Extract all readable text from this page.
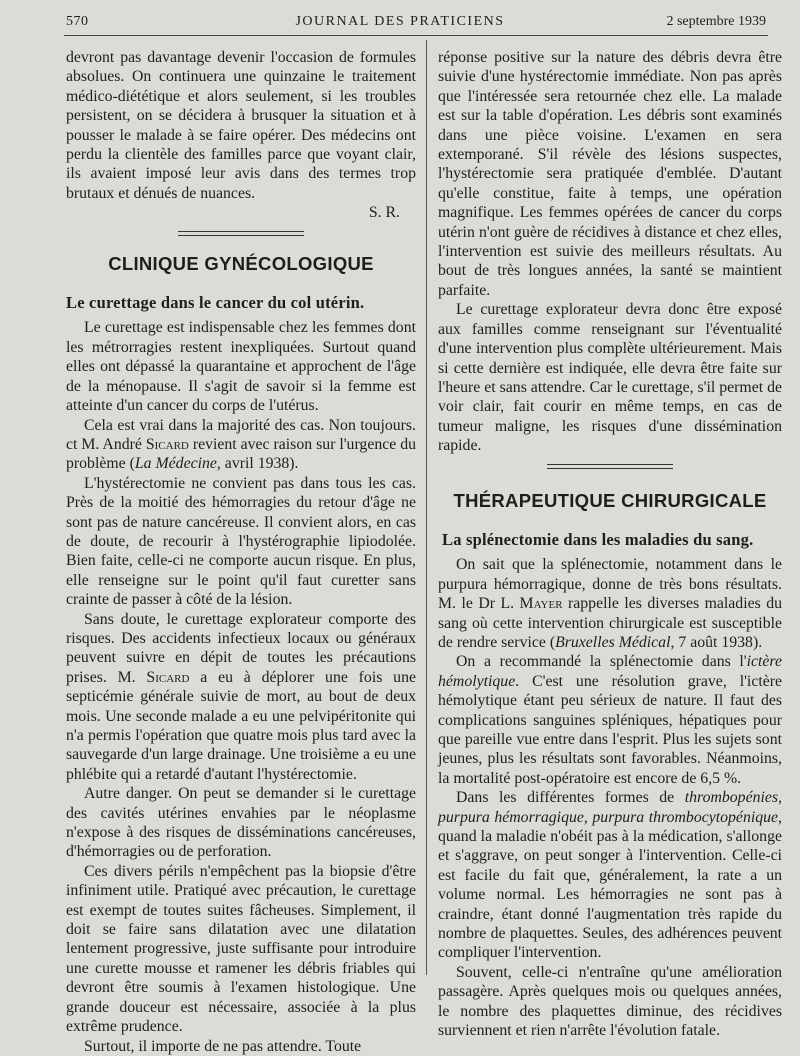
570	JOURNAL DES PRATICIENS	2 septembre 1939

devront pas davantage devenir l'occasion de formules absolues. On continuera une quinzaine le traitement médico-diététique et alors seulement, si les troubles persistent, on se décidera à brusquer la situation et à pousser le malade à se faire opérer. Des médecins ont perdu la clientèle des familles parce que voyant clair, ils avaient imposé leur avis dans des termes trop brutaux et dénués de nuances.

S. R.

CLINIQUE GYNÉCOLOGIQUE
Le curettage dans le cancer du col utérin.

Le curettage est indispensable chez les femmes dont les métrorragies restent inexpliquées. Surtout quand elles ont dépassé la quarantaine et approchent de l'âge de la ménopause. Il s'agit de savoir si la femme est atteinte d'un cancer du corps de l'utérus.

Cela est vrai dans la majorité des cas. Non toujours. ct M. André Sicard revient avec raison sur l'urgence du problème (La Médecine, avril 1938).

L'hystérectomie ne convient pas dans tous les cas. Près de la moitié des hémorragies du retour d'âge ne sont pas de nature cancéreuse. Il convient alors, en cas de doute, de recourir à l'hystérographie lipiodolée. Bien faite, celle-ci ne comporte aucun risque. En plus, elle renseigne sur le point qu'il faut curetter sans crainte de passer à côté de la lésion.

Sans doute, le curettage explorateur comporte des risques. Des accidents infectieux locaux ou généraux peuvent suivre en dépit de toutes les précautions prises. M. Sicard a eu à déplorer une fois une septicémie générale suivie de mort, au bout de deux mois. Une seconde malade a eu une pelvipéritonite qui n'a permis l'opération que quatre mois plus tard avec la sauvegarde d'un large drainage. Une troisième a eu une phlébite qui a retardé d'autant l'hystérectomie.

Autre danger. On peut se demander si le curettage des cavités utérines envahies par le néoplasme n'expose à des risques de disséminations cancéreuses, d'hémorragies ou de perforation.

Ces divers périls n'empêchent pas la biopsie d'être infiniment utile. Pratiqué avec précaution, le curettage est exempt de toutes suites fâcheuses. Simplement, il doit se faire sans dilatation avec une dilatation lentement progressive, juste suffisante pour introduire une curette mousse et ramener les débris friables qui devront être soumis à l'examen histologique. Une grande douceur est nécessaire, associée à la plus extrême prudence.

Surtout, il importe de ne pas attendre. Toute

réponse positive sur la nature des débris devra être suivie d'une hystérectomie immédiate. Non pas après que l'intéressée sera retournée chez elle. La malade est sur la table d'opération. Les débris sont examinés dans une pièce voisine. L'examen en sera extemporané. S'il révèle des lésions suspectes, l'hystérectomie sera pratiquée d'emblée. D'autant qu'elle constitue, faite à temps, une opération magnifique. Les femmes opérées de cancer du corps utérin n'ont guère de récidives à distance et chez elles, l'intervention est suivie des meilleurs résultats. Au bout de très longues années, la santé se maintient parfaite.

Le curettage explorateur devra donc être exposé aux familles comme renseignant sur l'éventualité d'une intervention plus complète ultérieurement. Mais si cette dernière est indiquée, elle devra être faite sur l'heure et sans attendre. Car le curettage, s'il permet de voir clair, fait courir en même temps, en cas de tumeur maligne, les risques d'une dissémination rapide.

THÉRAPEUTIQUE CHIRURGICALE
La splénectomie dans les maladies du sang.

On sait que la splénectomie, notamment dans le purpura hémorragique, donne de très bons résultats. M. le Dr L. Mayer rappelle les diverses maladies du sang où cette intervention chirurgicale est susceptible de rendre service (Bruxelles Médical, 7 août 1938).

On a recommandé la splénectomie dans l'ictère hémolytique. C'est une résolution grave, l'ictère hémolytique étant peu sérieux de nature. Il faut des complications sanguines spléniques, hépatiques pour que pareille vue entre dans l'esprit. Plus les sujets sont jeunes, plus les résultats sont favorables. Néanmoins, la mortalité post-opératoire est encore de 6,5 %.

Dans les différentes formes de thrombopénies, purpura hémorragique, purpura thrombocytopénique, quand la maladie n'obéit pas à la médication, s'allonge et s'aggrave, on peut songer à l'intervention. Celle-ci est facile du fait que, généralement, la rate a un volume normal. Les hémorragies ne sont pas à craindre, étant donné l'augmentation très rapide du nombre de plaquettes. Seules, des adhérences peuvent compliquer l'intervention.

Souvent, celle-ci n'entraîne qu'une amélioration passagère. Après quelques mois ou quelques années, le nombre des plaquettes diminue, des récidives surviennent et rien n'arrête l'évolution fatale.
